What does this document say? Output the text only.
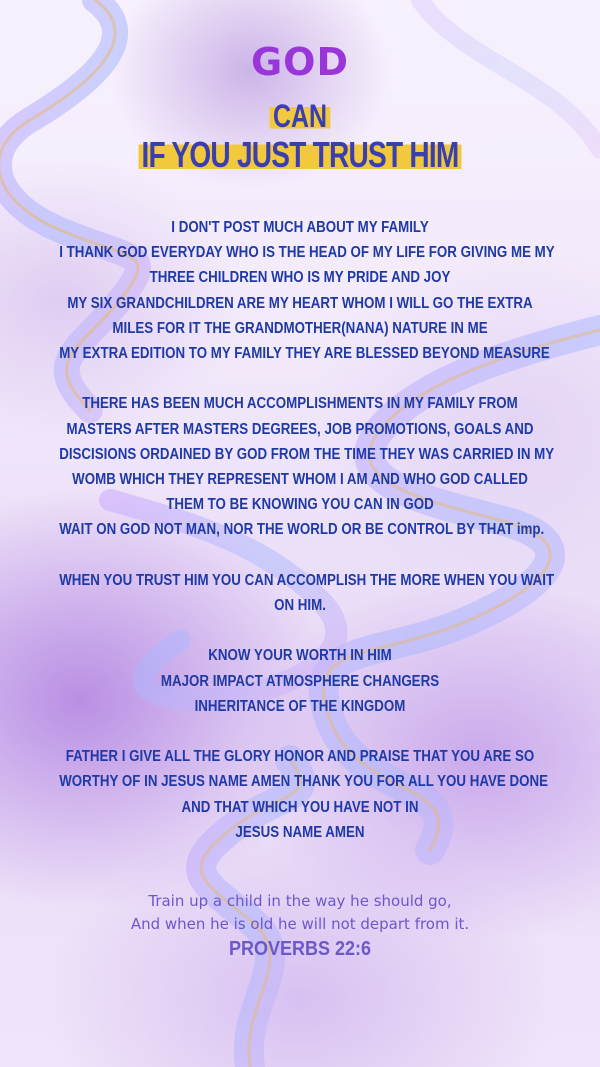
GOD
CAN
IF YOU JUST TRUST HIM
I DON'T POST MUCH ABOUT MY FAMILY
I THANK GOD EVERYDAY WHO IS THE HEAD OF MY LIFE FOR GIVING ME MY
THREE CHILDREN WHO IS MY PRIDE AND JOY
MY SIX GRANDCHILDREN ARE MY HEART WHOM I WILL GO THE EXTRA
MILES FOR IT THE GRANDMOTHER(NANA) NATURE IN ME
MY EXTRA EDITION TO MY FAMILY THEY ARE BLESSED BEYOND MEASURE
THERE HAS BEEN MUCH ACCOMPLISHMENTS IN MY FAMILY FROM
MASTERS AFTER MASTERS DEGREES, JOB PROMOTIONS, GOALS AND
DISCISIONS ORDAINED BY GOD FROM THE TIME THEY WAS CARRIED IN MY
WOMB WHICH THEY REPRESENT WHOM I AM AND WHO GOD CALLED
THEM TO BE KNOWING YOU CAN IN GOD
WAIT ON GOD NOT MAN, NOR THE WORLD OR BE CONTROL BY THAT imp.
WHEN YOU TRUST HIM YOU CAN ACCOMPLISH THE MORE WHEN YOU WAIT
ON HIM.
KNOW YOUR WORTH IN HIM
MAJOR IMPACT ATMOSPHERE CHANGERS
INHERITANCE OF THE KINGDOM
FATHER I GIVE ALL THE GLORY HONOR AND PRAISE THAT YOU ARE SO
WORTHY OF IN JESUS NAME AMEN THANK YOU FOR ALL YOU HAVE DONE
AND THAT WHICH YOU HAVE NOT IN
JESUS NAME AMEN
Train up a child in the way he should go,
And when he is old he will not depart from it.
PROVERBS 22:6
